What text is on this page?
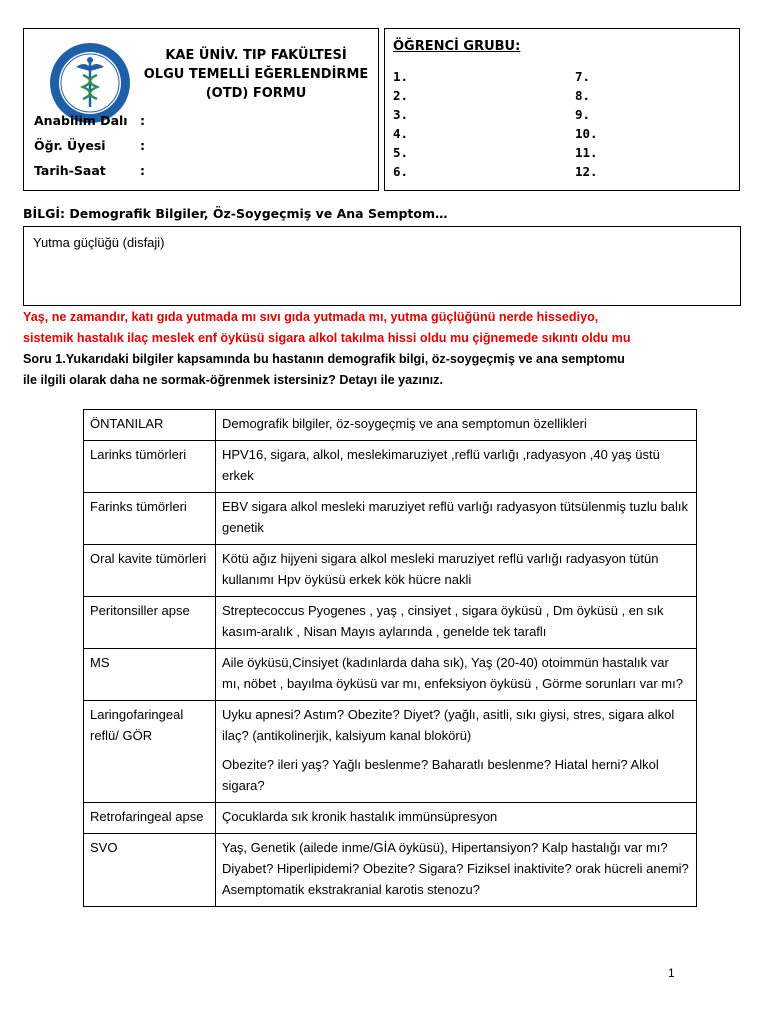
KAE ÜNİV. TIP FAKÜLTESİ
OLGU TEMELLİ EĞERLENDİRME
(OTD) FORMU
Anabilim Dalı :
Öğr. Üyesi	:
Tarih-Saat	:
ÖĞRENCİ GRUBU:
1.
2.
3.
4.
5.
6.
7.
8.
9.
10.
11.
12.
BİLGİ: Demografik Bilgiler, Öz-Soygeçmiş ve Ana Semptom…
Yutma güçlüğü (disfaji)
Yaş, ne zamandır, katı gıda yutmada mı sıvı gıda yutmada mı, yutma güçlüğünü nerde hissediyo,
sistemik hastalık ilaç meslek enf öyküsü sigara alkol takılma hissi oldu mu çiğnemede sıkıntı oldu mu
Soru 1.Yukarıdaki bilgiler kapsamında bu hastanın demografik bilgi, öz-soygeçmiş ve ana semptomu
ile ilgili olarak daha ne sormak-öğrenmek istersiniz? Detayı ile yazınız.
ÖNTANILAR	Demografik bilgiler, öz-soygeçmiş ve ana semptomun özellikleri
Larinks tümörleri	HPV16, sigara, alkol, meslekimaruziyet ,reflü varlığı ,radyasyon ,40 yaş üstü erkek

Farinks tümörleri	EBV sigara alkol mesleki maruziyet reflü varlığı radyasyon tütsülenmiş tuzlu balık genetik

Oral kavite tümörleri	Kötü ağız hijyeni sigara alkol mesleki maruziyet reflü varlığı radyasyon tütün kullanımı Hpv öyküsü erkek kök hücre nakli

Peritonsiller apse	Streptecoccus Pyogenes , yaş , cinsiyet , sigara öyküsü , Dm öyküsü , en sık kasım-aralık , Nisan Mayıs aylarında , genelde tek taraflı

MS	Aile öyküsü,Cinsiyet (kadınlarda daha sık), Yaş (20-40) otoimmün hastalık var mı, nöbet , bayılma öyküsü var mı, enfeksiyon öyküsü , Görme sorunları var mı?

Laringofaringeal reflü/ GÖR	Uyku apnesi? Astım? Obezite? Diyet? (yağlı, asitli, sıkı giysi, stres, sigara alkol ilaç? (antikolinerjik, kalsiyum kanal blokörü)
Obezite? ileri yaş? Yağlı beslenme? Baharatlı beslenme? Hiatal herni? Alkol sigara?

Retrofaringeal apse	Çocuklarda sık kronik hastalık immünsüpresyon

SVO	Yaş, Genetik (ailede inme/GİA öyküsü), Hipertansiyon? Kalp hastalığı var mı? Diyabet? Hiperlipidemi? Obezite? Sigara? Fiziksel inaktivite? orak hücreli anemi? Asemptomatik ekstrakranial karotis stenozu?
1
